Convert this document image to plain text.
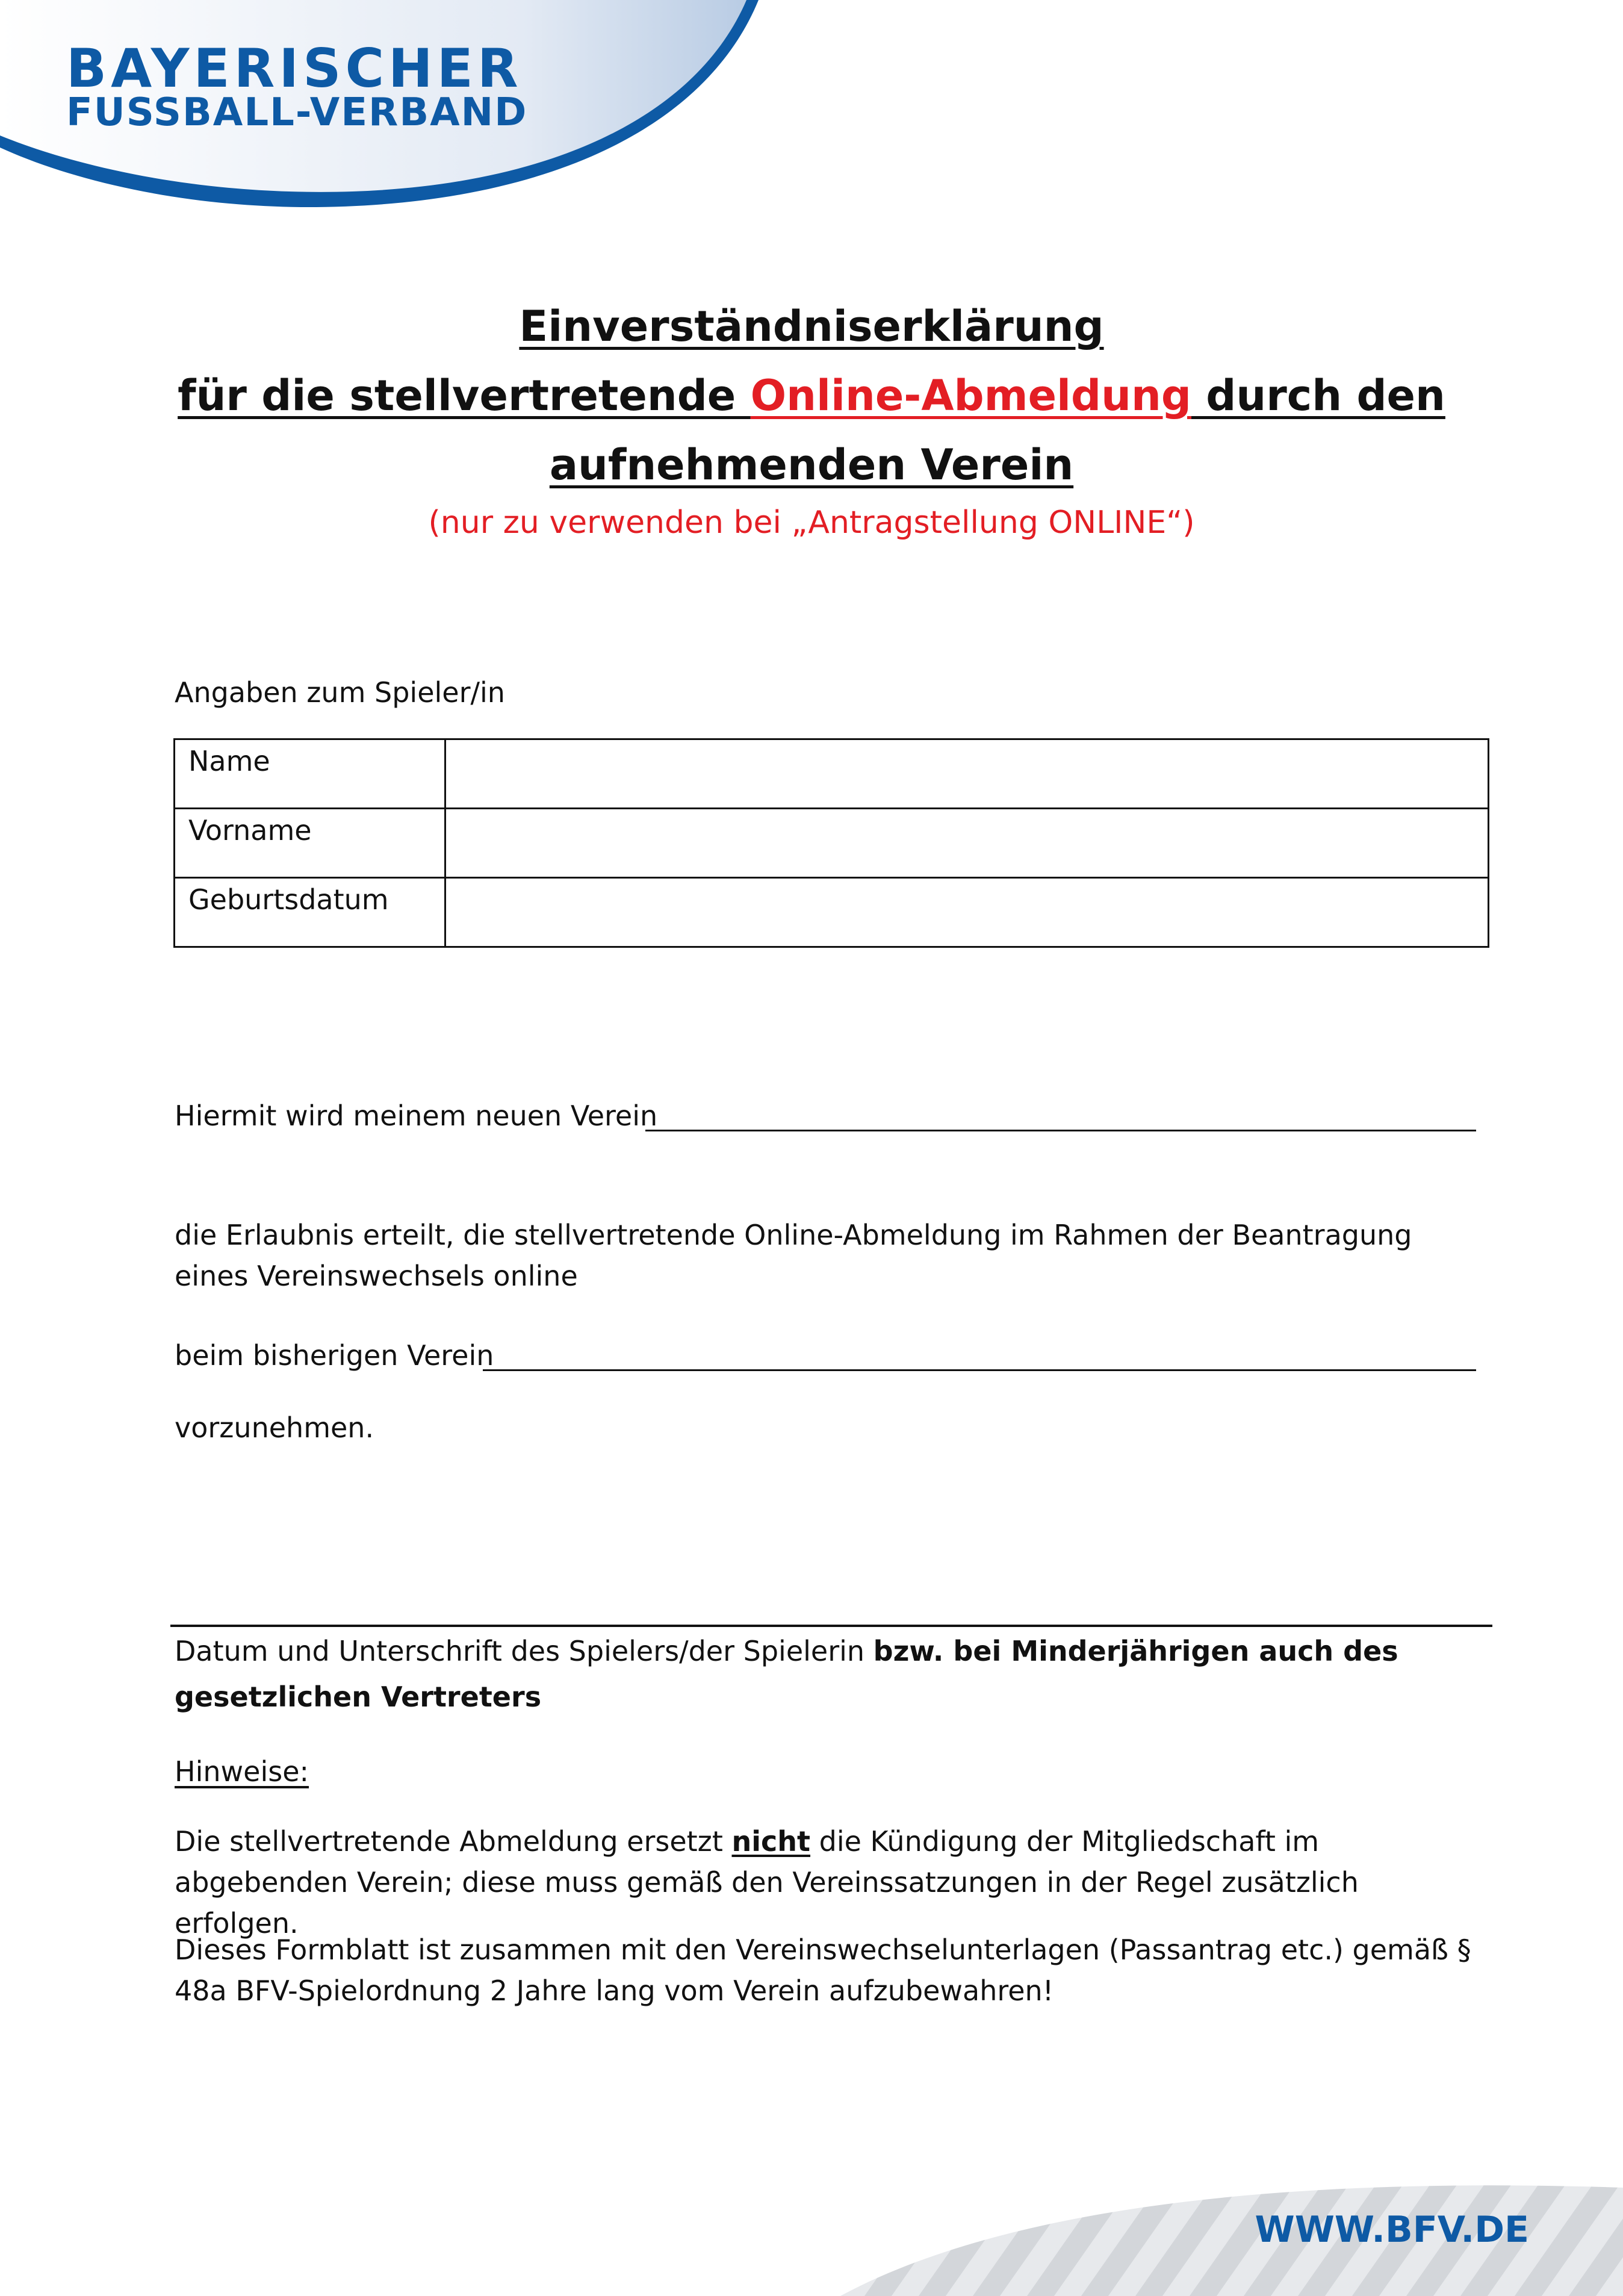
BAYERISCHER

FUSSBALL-VERBAND

Einverständniserklärung
für die stellvertretende Online-Abmeldung durch den
aufnehmenden Verein
(nur zu verwenden bei „Antragstellung ONLINE“)

Angaben zum Spieler/in

Name	
Vorname	
Geburtsdatum	

Hiermit wird meinem neuen Verein

die Erlaubnis erteilt, die stellvertretende Online-Abmeldung im Rahmen der Beantragung eines Vereinswechsels online

beim bisherigen Verein

vorzunehmen.

Datum und Unterschrift des Spielers/der Spielerin bzw. bei Minderjährigen auch des gesetzlichen Vertreters

Hinweise:

Die stellvertretende Abmeldung ersetzt nicht die Kündigung der Mitgliedschaft im abgebenden Verein; diese muss gemäß den Vereinssatzungen in der Regel zusätzlich erfolgen.

Dieses Formblatt ist zusammen mit den Vereinswechselunterlagen (Passantrag etc.) gemäß § 48a BFV-Spielordnung 2 Jahre lang vom Verein aufzubewahren!

WWW.BFV.DE
